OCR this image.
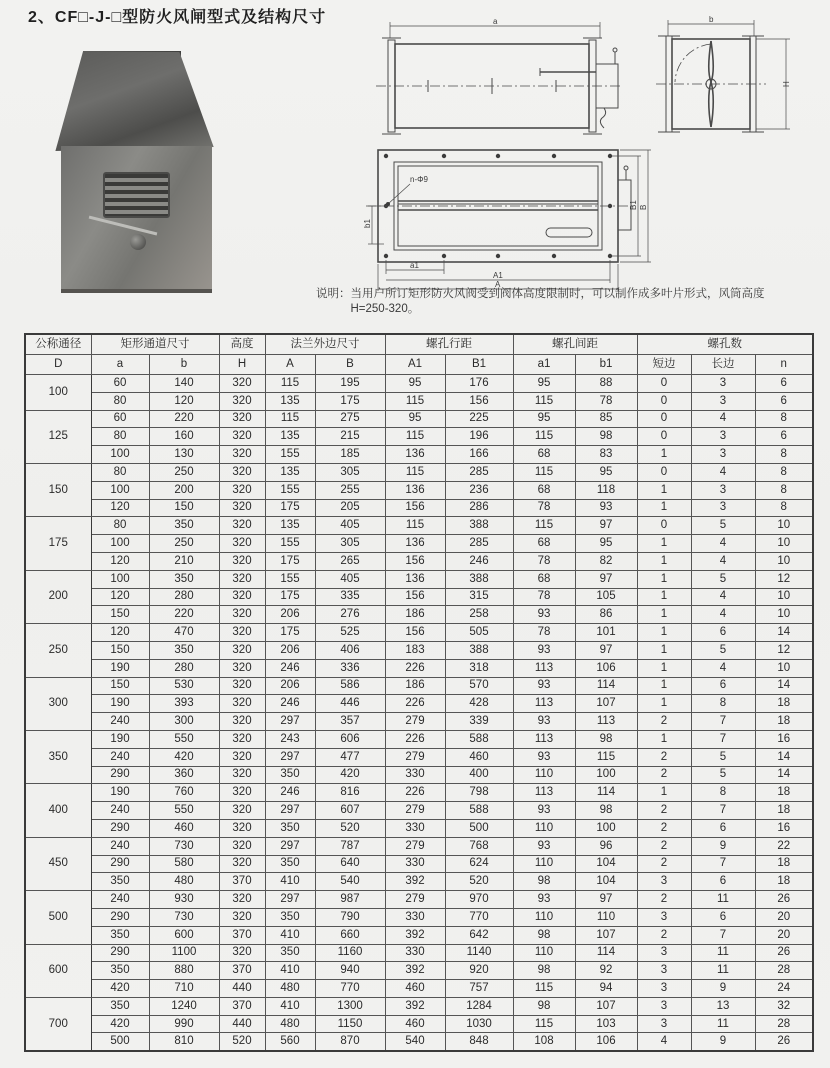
2、CF□-J-□型防火风闸型式及结构尺寸	a	b
H
n-Φ9
b1
a1
A1
A
B1 B
说明： 当用户所订矩形防火风阀受到阀体高度限制时，可以制作成多叶片形式，风筒高度H=250-320。

公称通径	矩形通道尺寸		高度	法兰外边尺寸		螺孔行距		螺孔间距		螺孔数		
D	a	b	H	A	B	A1	B1	a1	b1	短边	长边	n
100	60	140	320	115	195	95	176	95	88	0	3	6
	80	120	320	135	175	115	156	115	78	0	3	6
125	60	220	320	115	275	95	225	95	85	0	4	8
	80	160	320	135	215	115	196	115	98	0	3	6
	100	130	320	155	185	136	166	68	83	1	3	8
150	80	250	320	135	305	115	285	115	95	0	4	8
	100	200	320	155	255	136	236	68	118	1	3	8
	120	150	320	175	205	156	286	78	93	1	3	8
175	80	350	320	135	405	115	388	115	97	0	5	10
	100	250	320	155	305	136	285	68	95	1	4	10
	120	210	320	175	265	156	246	78	82	1	4	10
200	100	350	320	155	405	136	388	68	97	1	5	12
	120	280	320	175	335	156	315	78	105	1	4	10
	150	220	320	206	276	186	258	93	86	1	4	10
250	120	470	320	175	525	156	505	78	101	1	6	14
	150	350	320	206	406	183	388	93	97	1	5	12
	190	280	320	246	336	226	318	113	106	1	4	10
300	150	530	320	206	586	186	570	93	114	1	6	14
	190	393	320	246	446	226	428	113	107	1	8	18
	240	300	320	297	357	279	339	93	113	2	7	18
350	190	550	320	243	606	226	588	113	98	1	7	16
	240	420	320	297	477	279	460	93	115	2	5	14
	290	360	320	350	420	330	400	110	100	2	5	14
400	190	760	320	246	816	226	798	113	114	1	8	18
	240	550	320	297	607	279	588	93	98	2	7	18
	290	460	320	350	520	330	500	110	100	2	6	16
450	240	730	320	297	787	279	768	93	96	2	9	22
	290	580	320	350	640	330	624	110	104	2	7	18
	350	480	370	410	540	392	520	98	104	3	6	18
500	240	930	320	297	987	279	970	93	97	2	11	26
	290	730	320	350	790	330	770	110	110	3	6	20
	350	600	370	410	660	392	642	98	107	2	7	20
600	290	1100	320	350	1160	330	1140	110	114	3	11	26
	350	880	370	410	940	392	920	98	92	3	11	28
	420	710	440	480	770	460	757	115	94	3	9	24
700	350	1240	370	410	1300	392	1284	98	107	3	13	32
	420	990	440	480	1150	460	1030	115	103	3	11	28
	500	810	520	560	870	540	848	108	106	4	9	26
